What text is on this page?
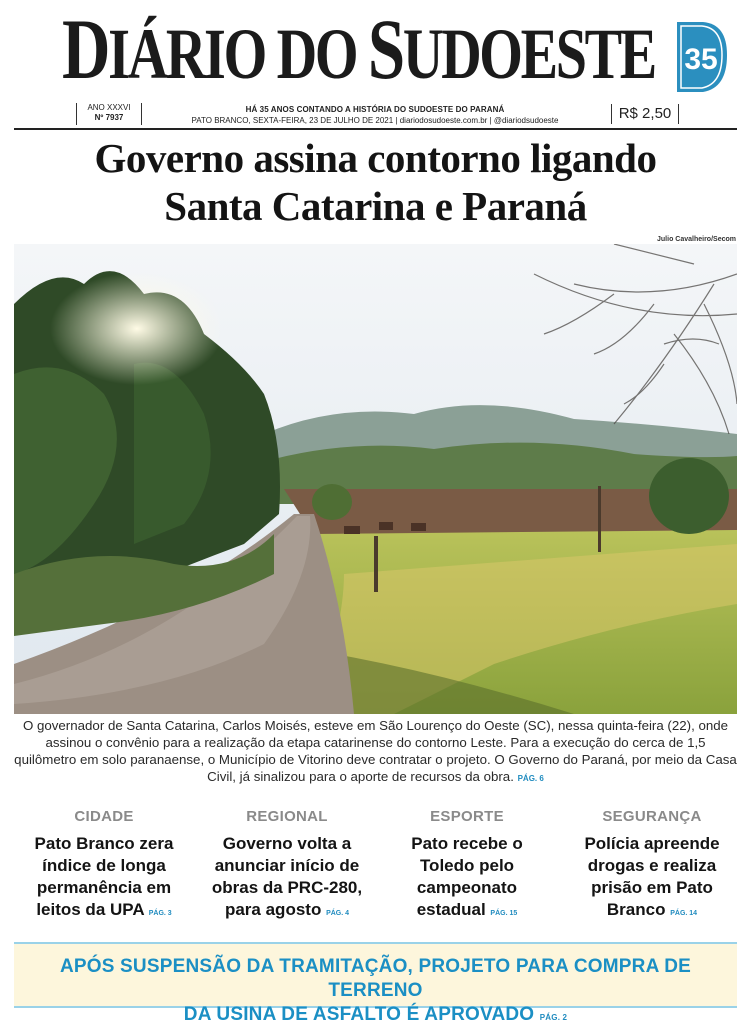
DIÁRIO DO SUDOESTE 35
ANO XXXVI
Nº 7937
HÁ 35 ANOS CONTANDO A HISTÓRIA DO SUDOESTE DO PARANÁ
PATO BRANCO, SEXTA-FEIRA, 23 DE JULHO DE 2021 | diariodosudoeste.com.br | @diariodsudoeste	R$ 2,50
Governo assina contorno ligando
Santa Catarina e Paraná
Julio Cavalheiro/Secom
O governador de Santa Catarina, Carlos Moisés, esteve em São Lourenço do Oeste (SC), nessa quinta-feira (22), onde assinou o convênio para a realização da etapa catarinense do contorno Leste. Para a execução do cerca de 1,5 quilômetro em solo paranaense, o Município de Vitorino deve contratar o projeto. O Governo do Paraná, por meio da Casa Civil, já sinalizou para o aporte de recursos da obra. PÁG. 6
CIDADE
Pato Branco zera índice de longa permanência em leitos da UPA PÁG. 3
REGIONAL
Governo volta a anunciar início de obras da PRC-280, para agosto PÁG. 4
ESPORTE
Pato recebe o Toledo pelo campeonato estadual PÁG. 15
SEGURANÇA
Polícia apreende drogas e realiza prisão em Pato Branco PÁG. 14
APÓS SUSPENSÃO DA TRAMITAÇÃO, PROJETO PARA COMPRA DE TERRENO
DA USINA DE ASFALTO É APROVADO PÁG. 2
